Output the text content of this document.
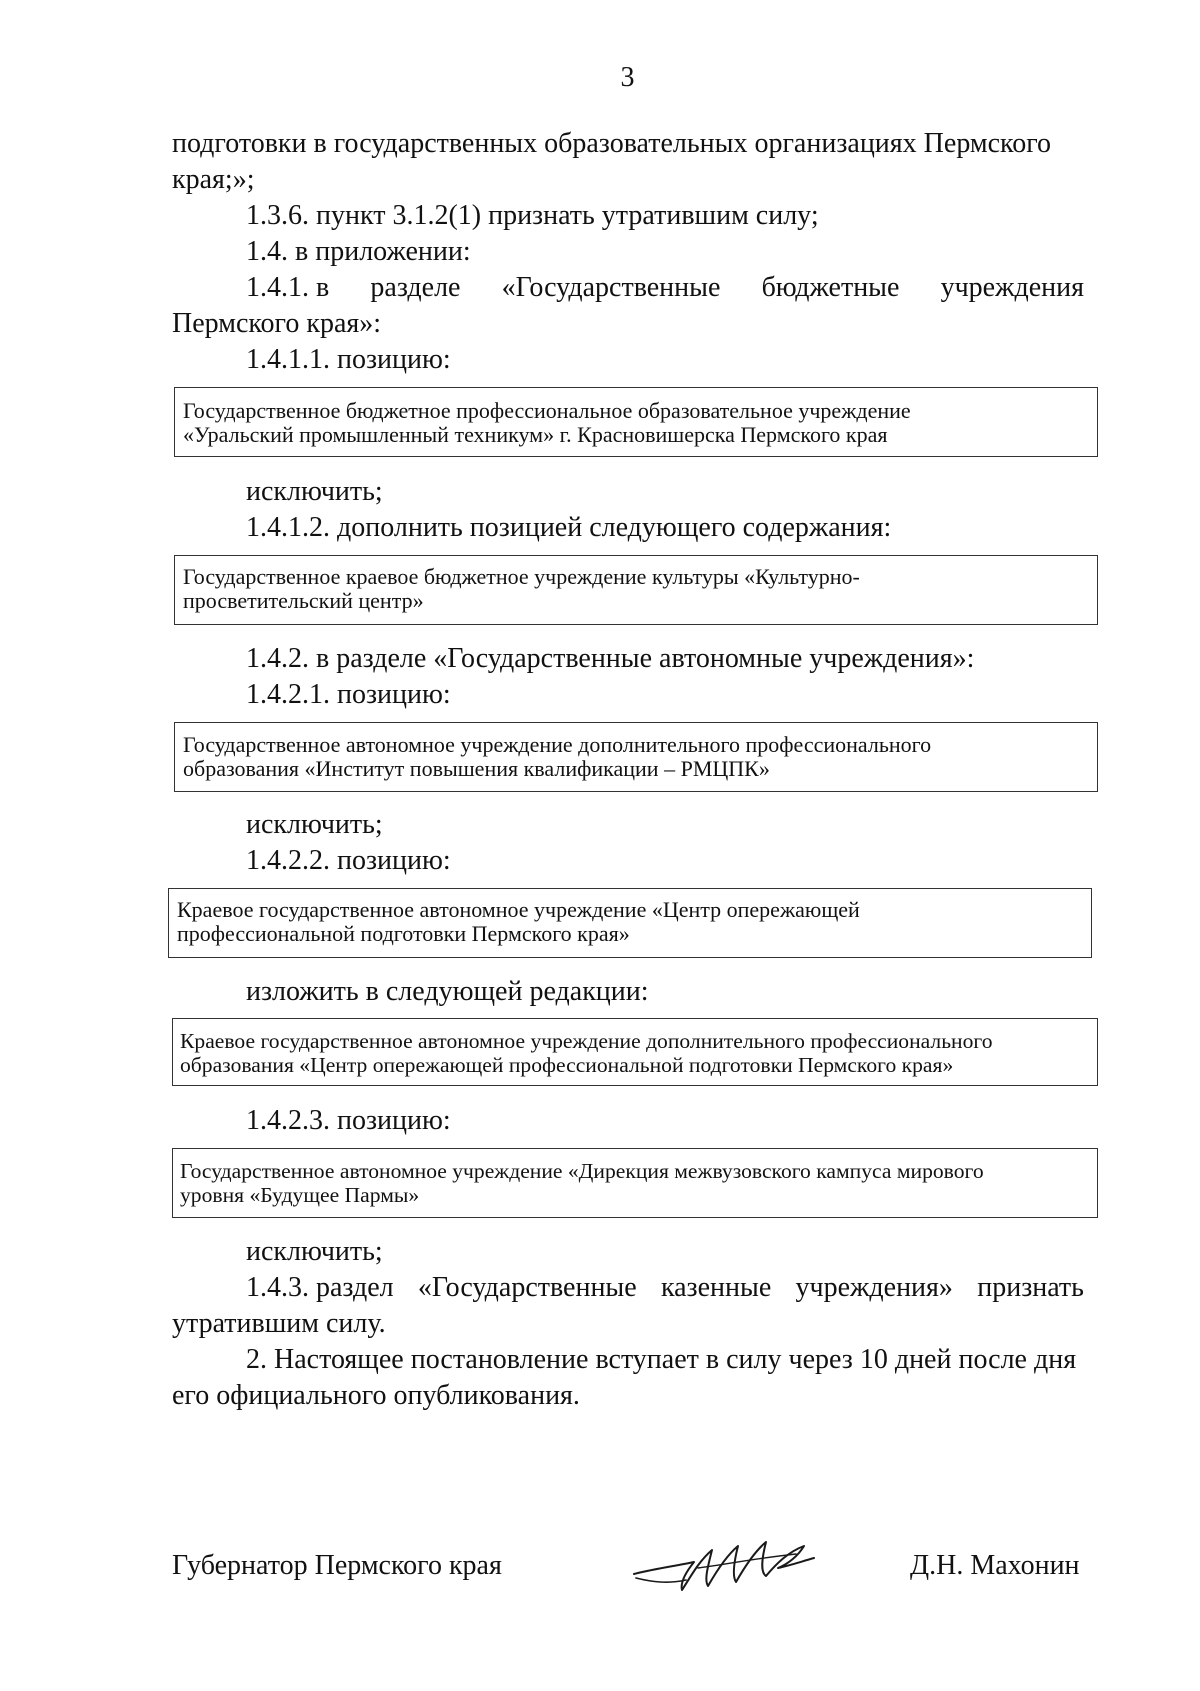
3
подготовки в государственных образовательных организациях Пермского
края;»;
1.3.6. пункт 3.1.2(1) признать утратившим силу;
1.4. в приложении:
1.4.1. в разделе «Государственные бюджетные учреждения
Пермского края»:
1.4.1.1. позицию:
Государственное бюджетное профессиональное образовательное учреждение
«Уральский промышленный техникум» г. Красновишерска Пермского края
исключить;
1.4.1.2. дополнить позицией следующего содержания:
Государственное краевое бюджетное учреждение культуры «Культурно-
просветительский центр»
1.4.2. в разделе «Государственные автономные учреждения»:
1.4.2.1. позицию:
Государственное автономное учреждение дополнительного профессионального
образования «Институт повышения квалификации – РМЦПК»
исключить;
1.4.2.2. позицию:
Краевое государственное автономное учреждение «Центр опережающей
профессиональной подготовки Пермского края»
изложить в следующей редакции:
Краевое государственное автономное учреждение дополнительного профессионального
образования «Центр опережающей профессиональной подготовки Пермского края»
1.4.2.3. позицию:
Государственное автономное учреждение «Дирекция межвузовского кампуса мирового
уровня «Будущее Пармы»
исключить;
1.4.3. раздел «Государственные казенные учреждения» признать
утратившим силу.
2. Настоящее постановление вступает в силу через 10 дней после дня
его официального опубликования.
Губернатор Пермского края	Д.Н. Махонин
